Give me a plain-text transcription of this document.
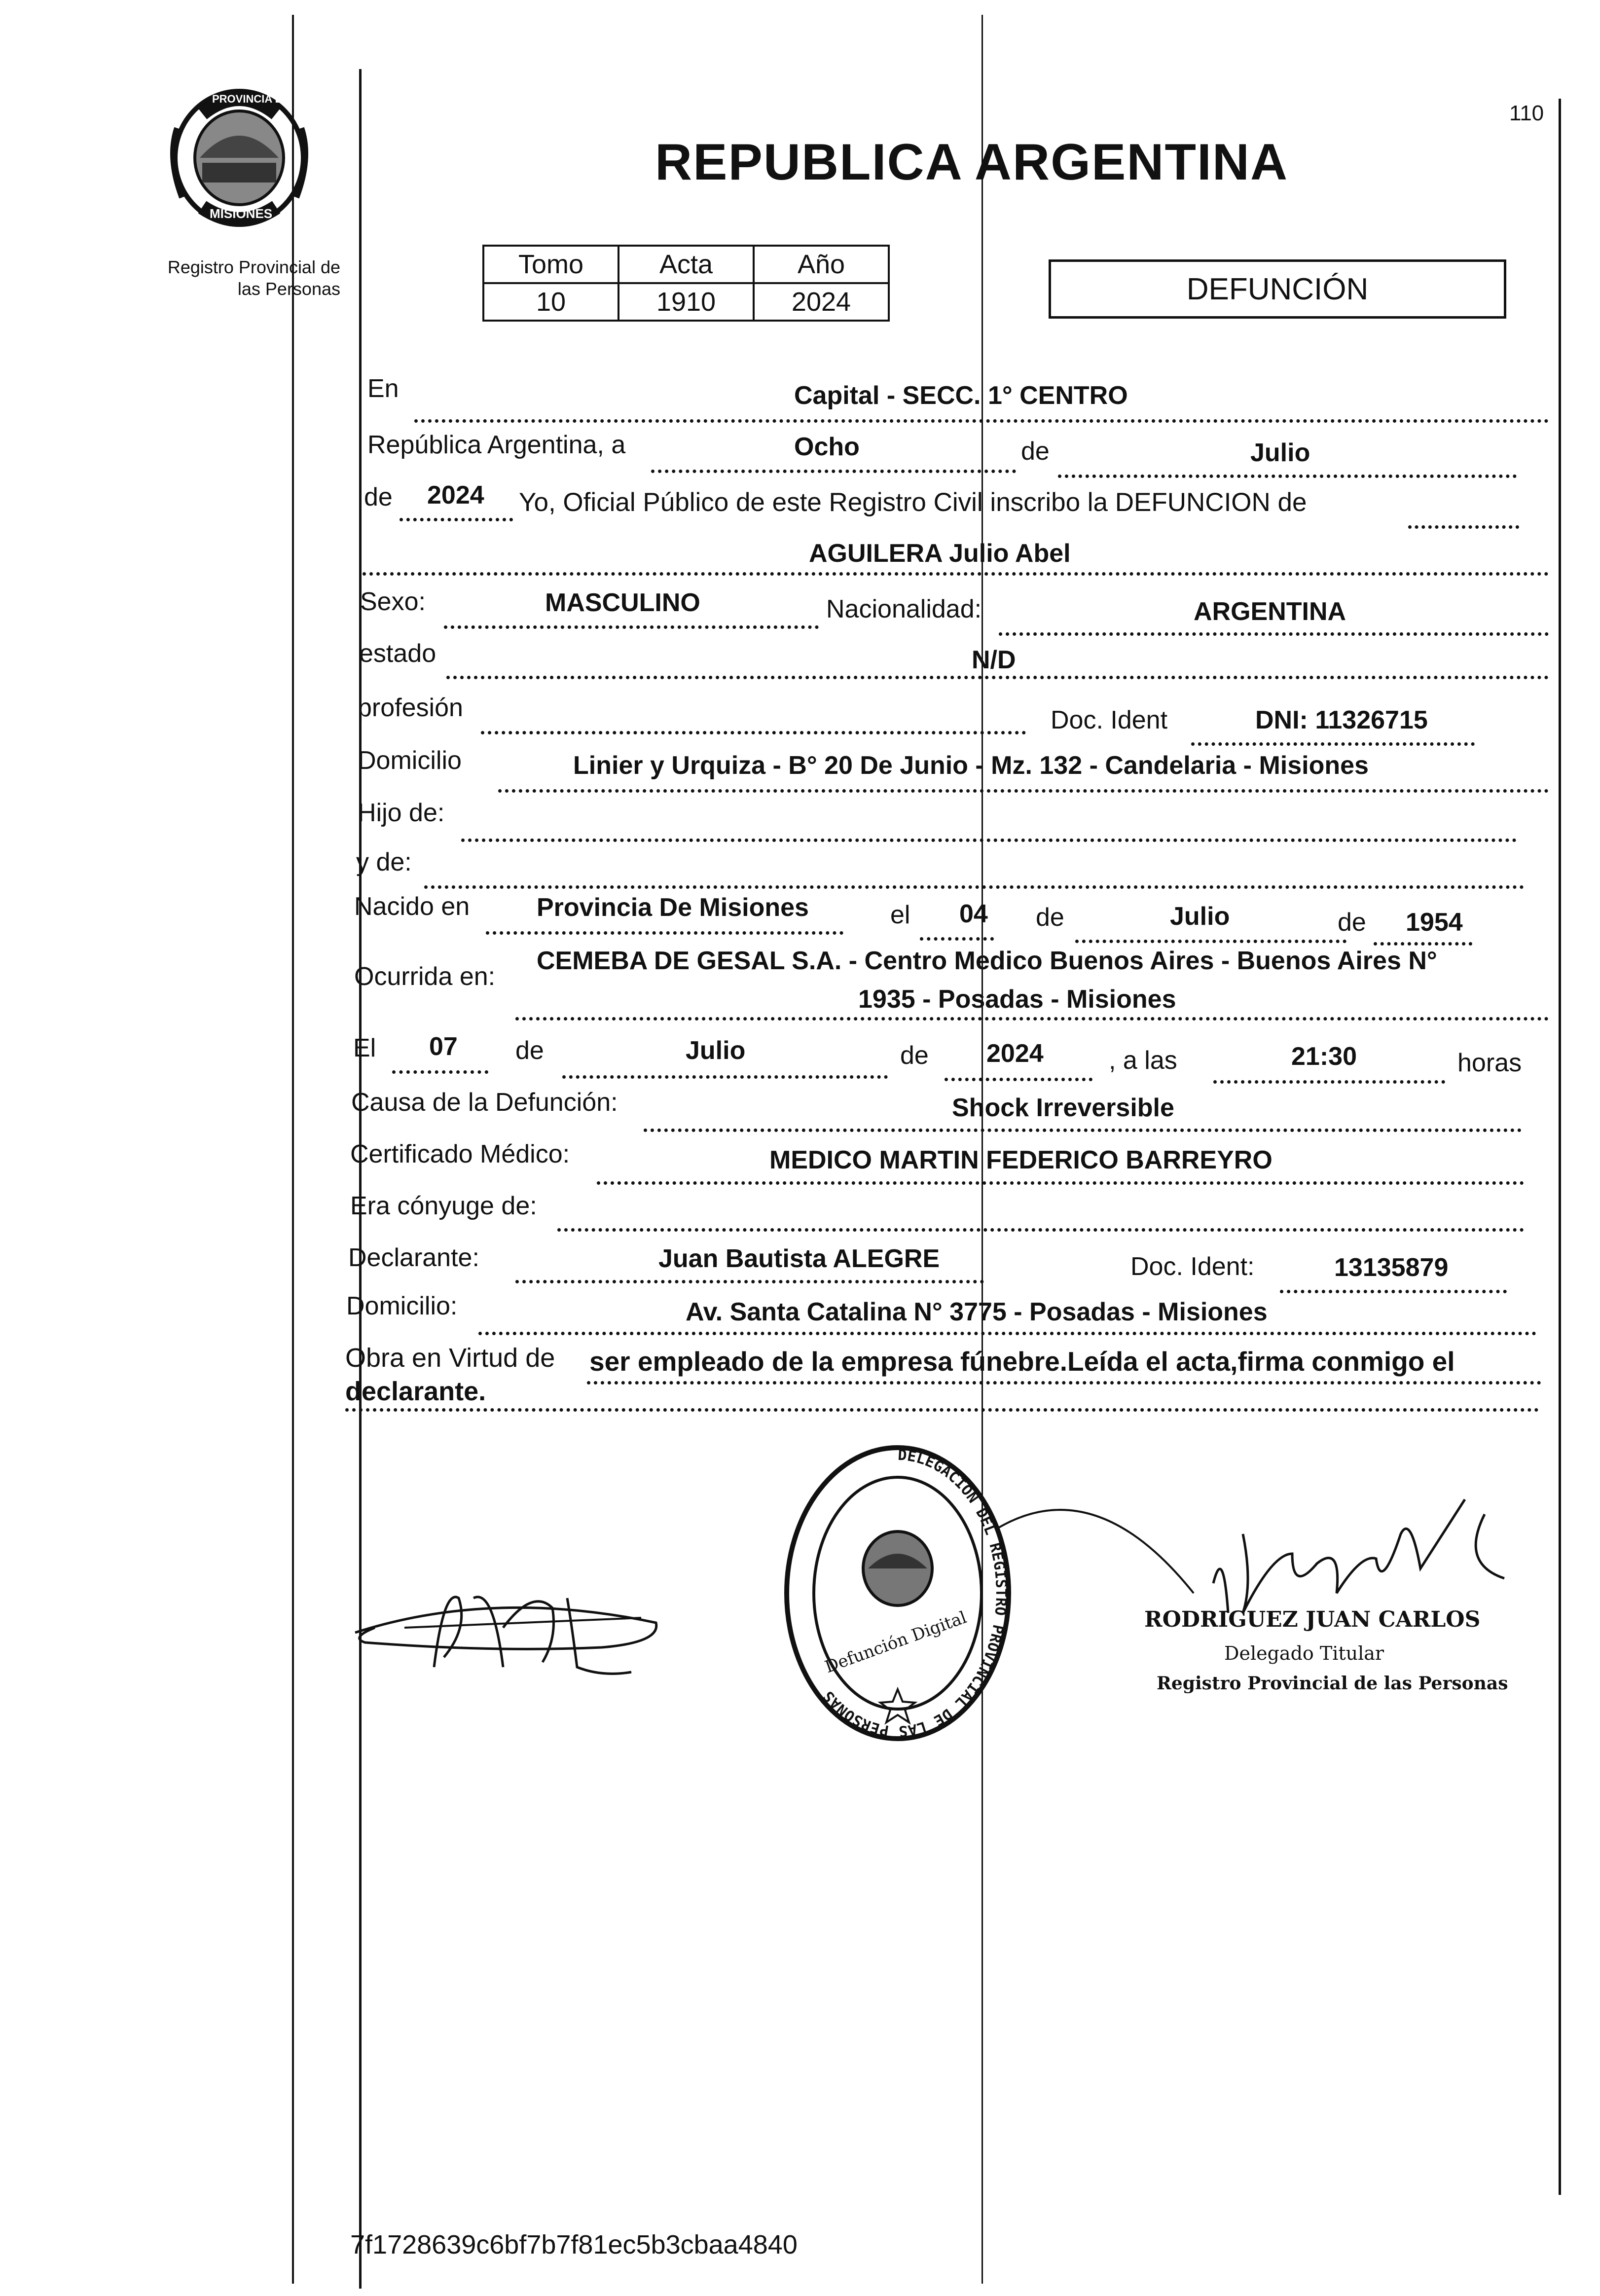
PROVINCIA DE
MISIONES
Registro Provincial de
las Personas
110
REPUBLICA ARGENTINA
Tomo	Acta	Año
10	1910	2024	DEFUNCIÓN
En	Capital - SECC. 1° CENTRO
República Argentina, a	Ocho	de	Julio
de 2024 Yo, Oficial Público de este Registro Civil inscribo la DEFUNCION de
AGUILERA Julio Abel
Sexo:	MASCULINO	Nacionalidad:	ARGENTINA
estado	N/D
profesión	Doc. Ident	DNI: 11326715
Domicilio	Linier y Urquiza - B° 20 De Junio - Mz. 132 - Candelaria - Misiones
Hijo de:
y de:
Nacido en	Provincia De Misiones	el 04 de	Julio	de 1954
Ocurrida en:
CEMEBA DE GESAL S.A. - Centro Medico Buenos Aires - Buenos Aires N°
1935 - Posadas - Misiones
El 07 de	Julio	de 2024	, a las	21:30	horas
Causa de la Defunción:	Shock Irreversible
Certificado Médico:	MEDICO MARTIN FEDERICO BARREYRO
Era cónyuge de:
Declarante:	Juan Bautista ALEGRE	Doc. Ident:	13135879
Domicilio:	Av. Santa Catalina N° 3775 - Posadas - Misiones
Obra en Virtud de ser empleado de la empresa fúnebre.Leída el acta,firma conmigo el
declarante.
DELEGACIÓN DEL REGISTRO PROVINCIAL DE LAS PERSONAS
Defunción Digital	RODRIGUEZ JUAN CARLOS
Delegado Titular
Registro Provincial de las Personas
7f1728639c6bf7b7f81ec5b3cbaa4840
